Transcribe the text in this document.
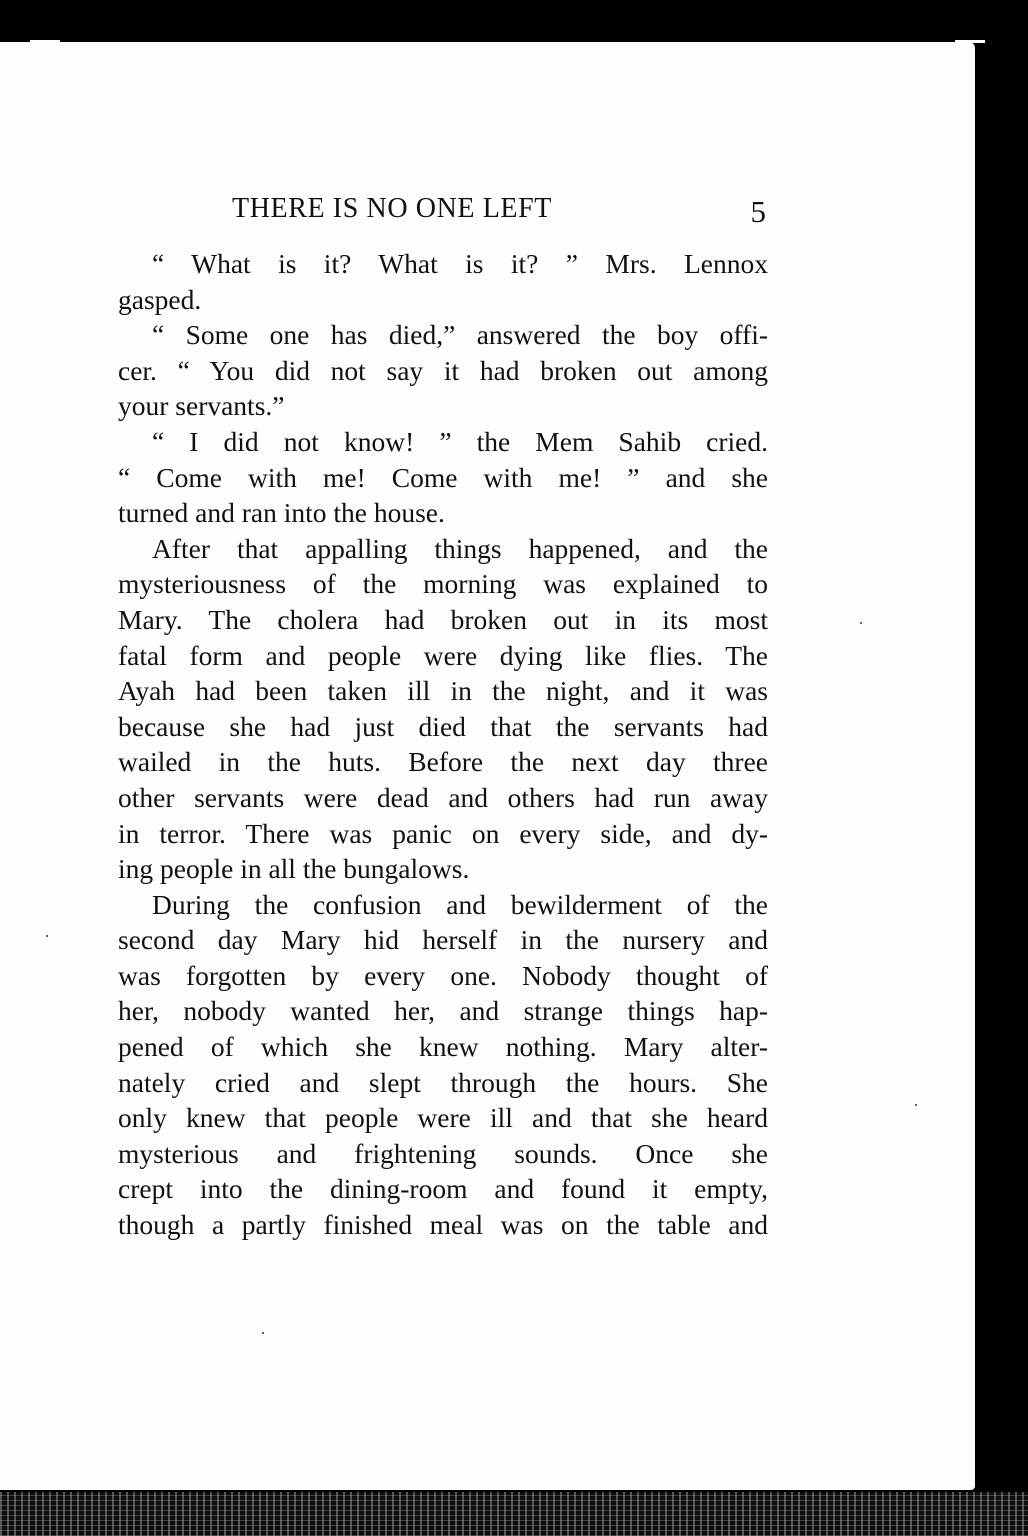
THERE IS NO ONE LEFT	5
“ What is it? What is it? ” Mrs. Lennox
gasped.
“ Some one has died,” answered the boy offi-
cer. “ You did not say it had broken out among
your servants.”
“ I did not know! ” the Mem Sahib cried.
“ Come with me! Come with me! ” and she
turned and ran into the house.
After that appalling things happened, and the
mysteriousness of the morning was explained to
Mary. The cholera had broken out in its most
fatal form and people were dying like flies. The
Ayah had been taken ill in the night, and it was
because she had just died that the servants had
wailed in the huts. Before the next day three
other servants were dead and others had run away
in terror. There was panic on every side, and dy-
ing people in all the bungalows.
During the confusion and bewilderment of the
second day Mary hid herself in the nursery and
was forgotten by every one. Nobody thought of
her, nobody wanted her, and strange things hap-
pened of which she knew nothing. Mary alter-
nately cried and slept through the hours. She
only knew that people were ill and that she heard
mysterious and frightening sounds. Once she
crept into the dining-room and found it empty,
though a partly finished meal was on the table and
